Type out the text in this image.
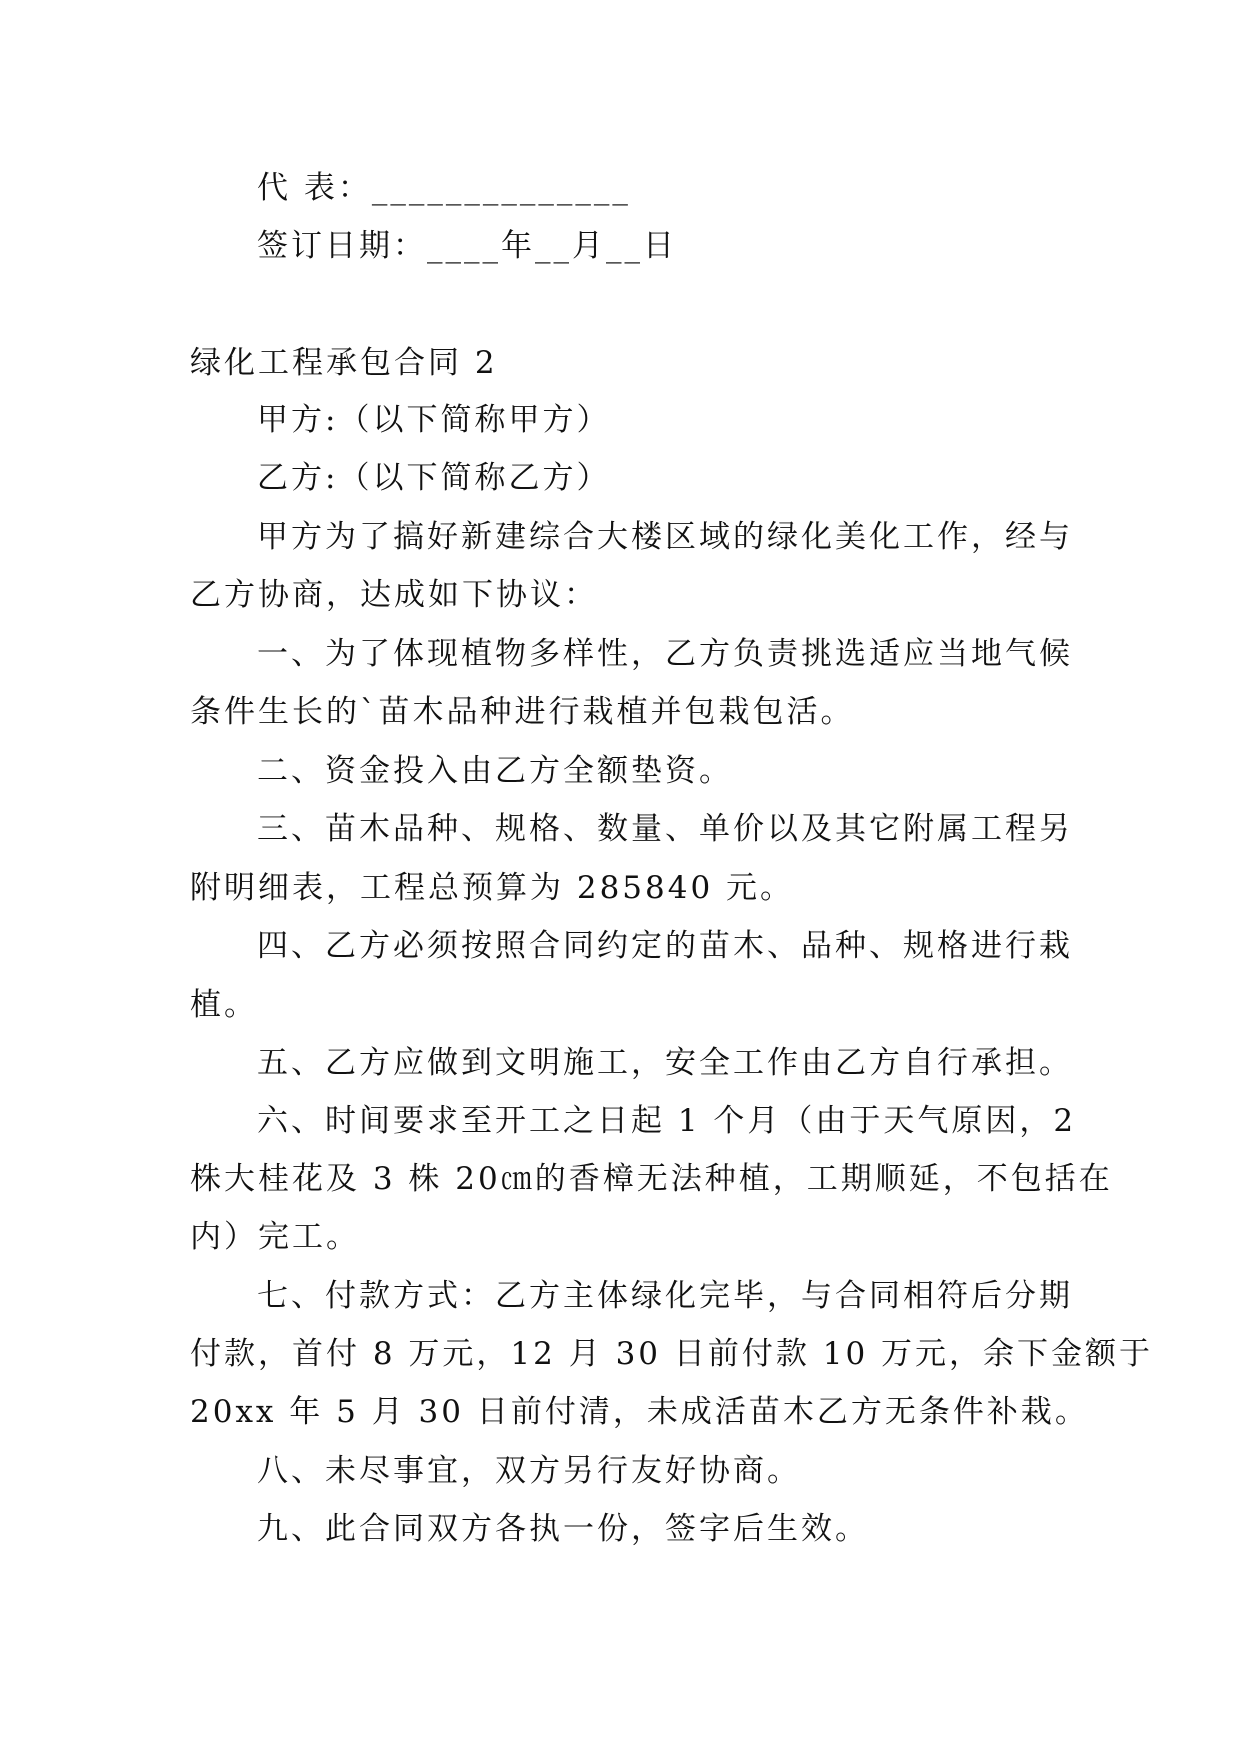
代 表：______________
签订日期：____年__月__日
绿化工程承包合同 2
甲方:（以下简称甲方）
乙方:（以下简称乙方）
甲方为了搞好新建综合大楼区域的绿化美化工作，经与
乙方协商，达成如下协议：
一、为了体现植物多样性，乙方负责挑选适应当地气候
条件生长的`苗木品种进行栽植并包栽包活。
二、资金投入由乙方全额垫资。
三、苗木品种、规格、数量、单价以及其它附属工程另
附明细表，工程总预算为 285840 元。
四、乙方必须按照合同约定的苗木、品种、规格进行栽
植。
五、乙方应做到文明施工，安全工作由乙方自行承担。
六、时间要求至开工之日起 1 个月（由于天气原因，2
株大桂花及 3 株 20㎝的香樟无法种植，工期顺延，不包括在
内）完工。
七、付款方式：乙方主体绿化完毕，与合同相符后分期
付款，首付 8 万元，12 月 30 日前付款 10 万元，余下金额于
20xx 年 5 月 30 日前付清，未成活苗木乙方无条件补栽。
八、未尽事宜，双方另行友好协商。
九、此合同双方各执一份，签字后生效。
